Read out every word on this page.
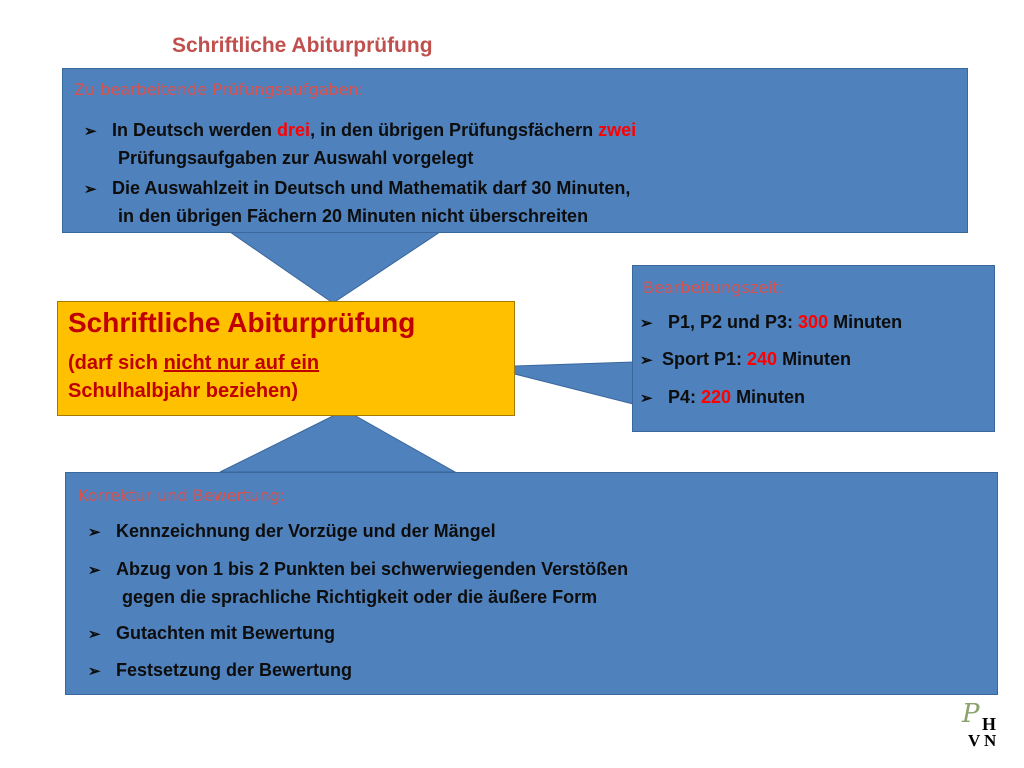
Schriftliche Abiturprüfung
Zu bearbeitende Prüfungsaufgaben:
➢ In Deutsch werden drei, in den übrigen Prüfungsfächern zwei
Prüfungsaufgaben zur Auswahl vorgelegt
➢ Die Auswahlzeit in Deutsch und Mathematik darf 30 Minuten,
in den übrigen Fächern 20 Minuten nicht überschreiten
Schriftliche Abiturprüfung
(darf sich nicht nur auf ein
Schulhalbjahr beziehen)
Bearbeitungszeit:
➢ P1, P2 und P3: 300 Minuten
➢ Sport P1: 240 Minuten
➢ P4: 220 Minuten
Korrektur und Bewertung:
➢ Kennzeichnung der Vorzüge und der Mängel
➢ Abzug von 1 bis 2 Punkten bei schwerwiegenden Verstößen
gegen die sprachliche Richtigkeit oder die äußere Form
➢ Gutachten mit Bewertung
➢ Festsetzung der Bewertung
P H
V N
